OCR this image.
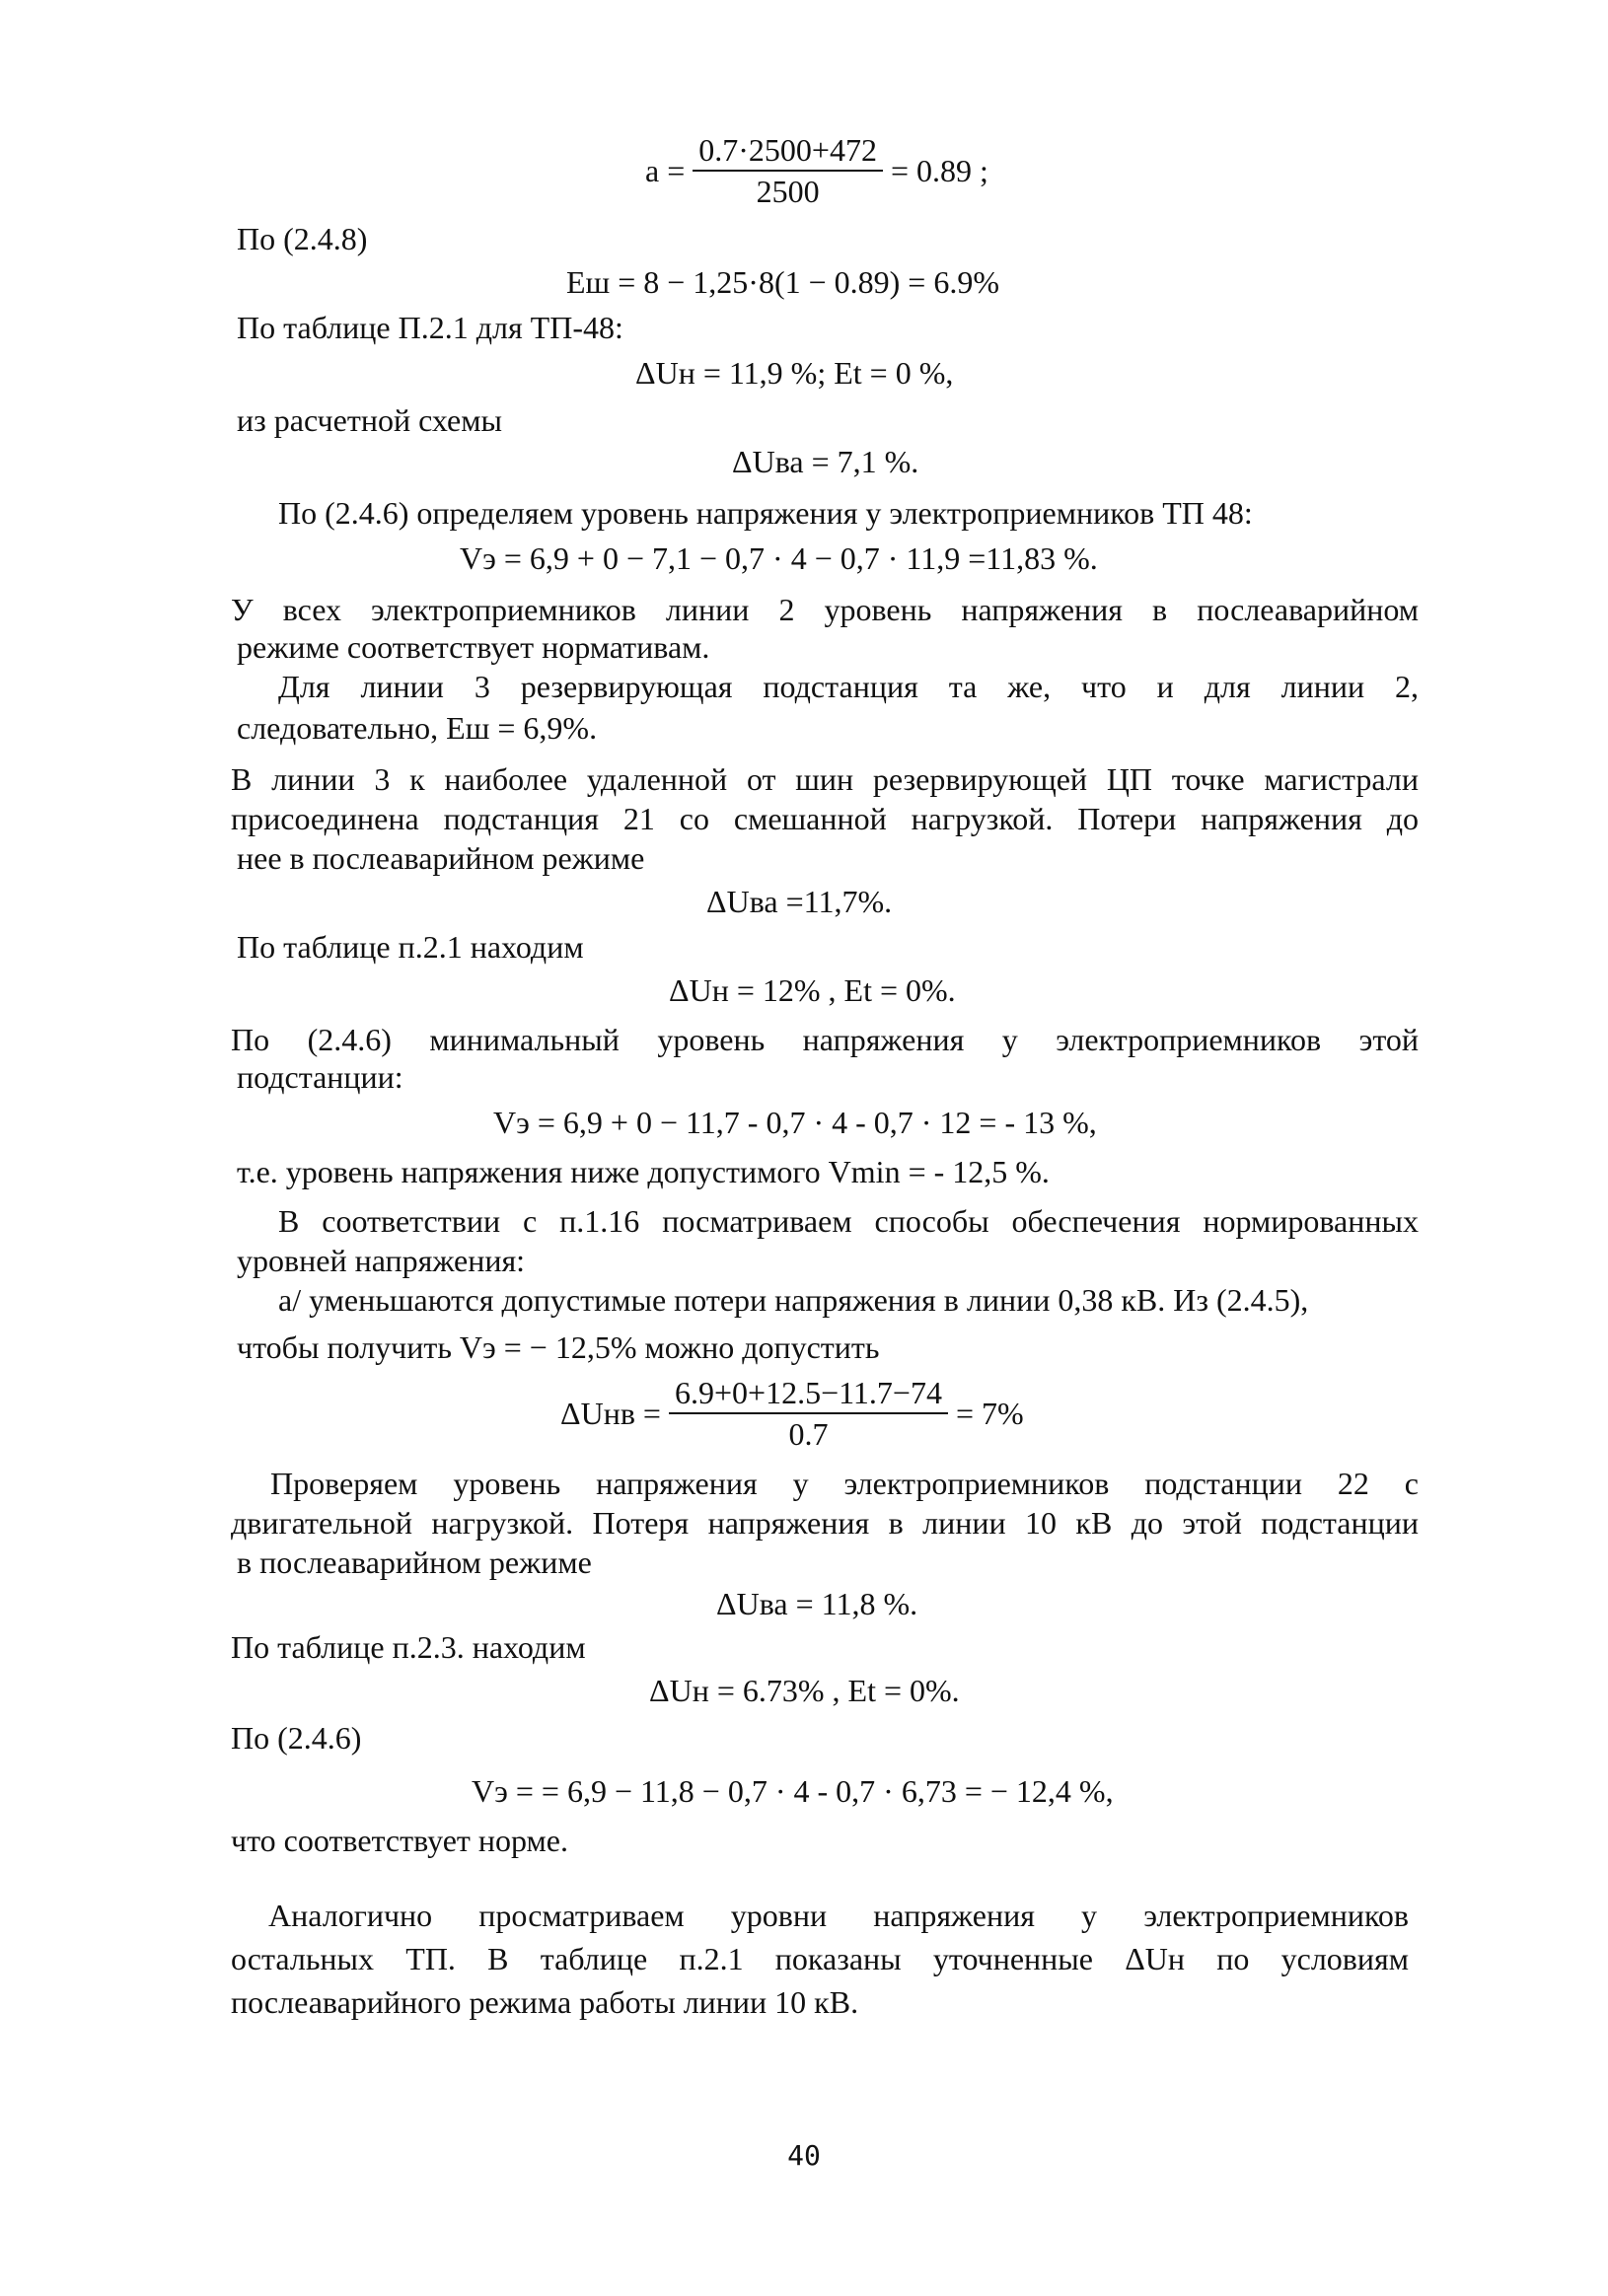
$a = \frac{0.7\cdot 2500+472}{2500} = 0.89$ ;
По (2.4.8)
Eш = 8 − 1,25·8(1 − 0.89) = 6.9%
По таблице П.2.1 для ТП-48:
ΔUн = 11,9 %; Et = 0 %,
из расчетной схемы
ΔUва = 7,1 %.
По (2.4.6) определяем уровень напряжения у электроприемников ТП 48:
Vэ = 6,9 + 0 − 7,1 − 0,7 · 4 − 0,7 · 11,9 =11,83 %.
У всех электроприемников линии 2 уровень напряжения в послеаварийном
режиме соответствует нормативам.
Для линии 3 резервирующая подстанция та же, что и для линии 2,
следовательно, Eш = 6,9%.
В линии 3 к наиболее удаленной от шин резервирующей ЦП точке магистрали
присоединена подстанция 21 со смешанной нагрузкой. Потери напряжения до
нее в послеаварийном режиме
ΔUва =11,7%.
По таблице п.2.1 находим
ΔUн = 12% , Et = 0%.
По (2.4.6) минимальный уровень напряжения у электроприемников этой
подстанции:
Vэ = 6,9 + 0 − 11,7 - 0,7 · 4 - 0,7 · 12 = - 13 %,
т.е. уровень напряжения ниже допустимого Vmin = - 12,5 %.
В соответствии с п.1.16 посматриваем способы обеспечения нормированных
уровней напряжения:
а/ уменьшаются допустимые потери напряжения в линии 0,38 кВ. Из (2.4.5),
чтобы получить Vэ = − 12,5% можно допустить
$\Delta Uнв = \frac{6.9+0+12.5-11.7-74}{0.7} = 7\%$
Проверяем уровень напряжения у электроприемников подстанции 22 с
двигательной нагрузкой. Потеря напряжения в линии 10 кВ до этой подстанции
в послеаварийном режиме
ΔUва = 11,8 %.
По таблице п.2.3. находим
ΔUн = 6.73% , Et = 0%.
По (2.4.6)
Vэ = = 6,9 − 11,8 − 0,7 · 4 - 0,7 · 6,73 = − 12,4 %,
что соответствует норме.
Аналогично просматриваем уровни напряжения у электроприемников
остальных ТП. В таблице п.2.1 показаны уточненные ΔUн по условиям
послеаварийного режима работы линии 10 кВ.
40
